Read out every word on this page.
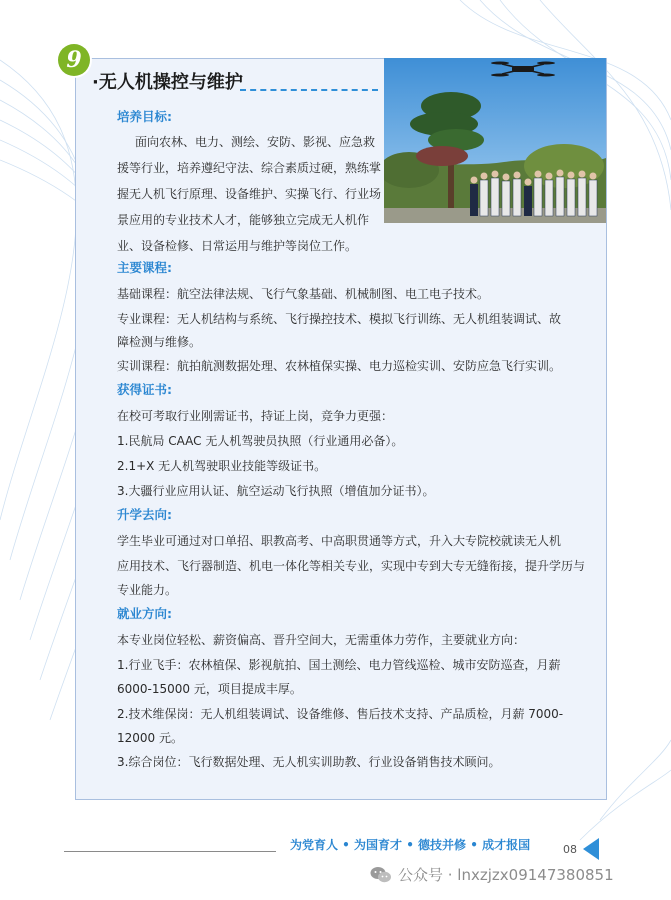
9
·无人机操控与维护
培养目标:
面向农林、电力、测绘、安防、影视、应急救
援等行业，培养遵纪守法、综合素质过硬，熟练掌
握无人机飞行原理、设备维护、实操飞行、行业场
景应用的专业技术人才，能够独立完成无人机作
业、设备检修、日常运用与维护等岗位工作。
主要课程:
基础课程：航空法律法规、飞行气象基础、机械制图、电工电子技术。
专业课程：无人机结构与系统、飞行操控技术、模拟飞行训练、无人机组装调试、故
障检测与维修。
实训课程：航拍航测数据处理、农林植保实操、电力巡检实训、安防应急飞行实训。
获得证书:
在校可考取行业刚需证书，持证上岗，竞争力更强：
1.民航局 CAAC 无人机驾驶员执照（行业通用必备）。
2.1+X 无人机驾驶职业技能等级证书。
3.大疆行业应用认证、航空运动飞行执照（增值加分证书）。
升学去向:
学生毕业可通过对口单招、职教高考、中高职贯通等方式，升入大专院校就读无人机
应用技术、飞行器制造、机电一体化等相关专业，实现中专到大专无缝衔接，提升学历与
专业能力。
就业方向:
本专业岗位轻松、薪资偏高、晋升空间大，无需重体力劳作，主要就业方向：
1.行业飞手：农林植保、影视航拍、国土测绘、电力管线巡检、城市安防巡查，月薪
6000-15000 元，项目提成丰厚。
2.技术维保岗：无人机组装调试、设备维修、售后技术支持、产品质检，月薪 7000-
12000 元。
3.综合岗位：飞行数据处理、无人机实训助教、行业设备销售技术顾问。
为党育人 • 为国育才 • 德技并修 • 成才报国	08
公众号 · lnxzjzx09147380851
